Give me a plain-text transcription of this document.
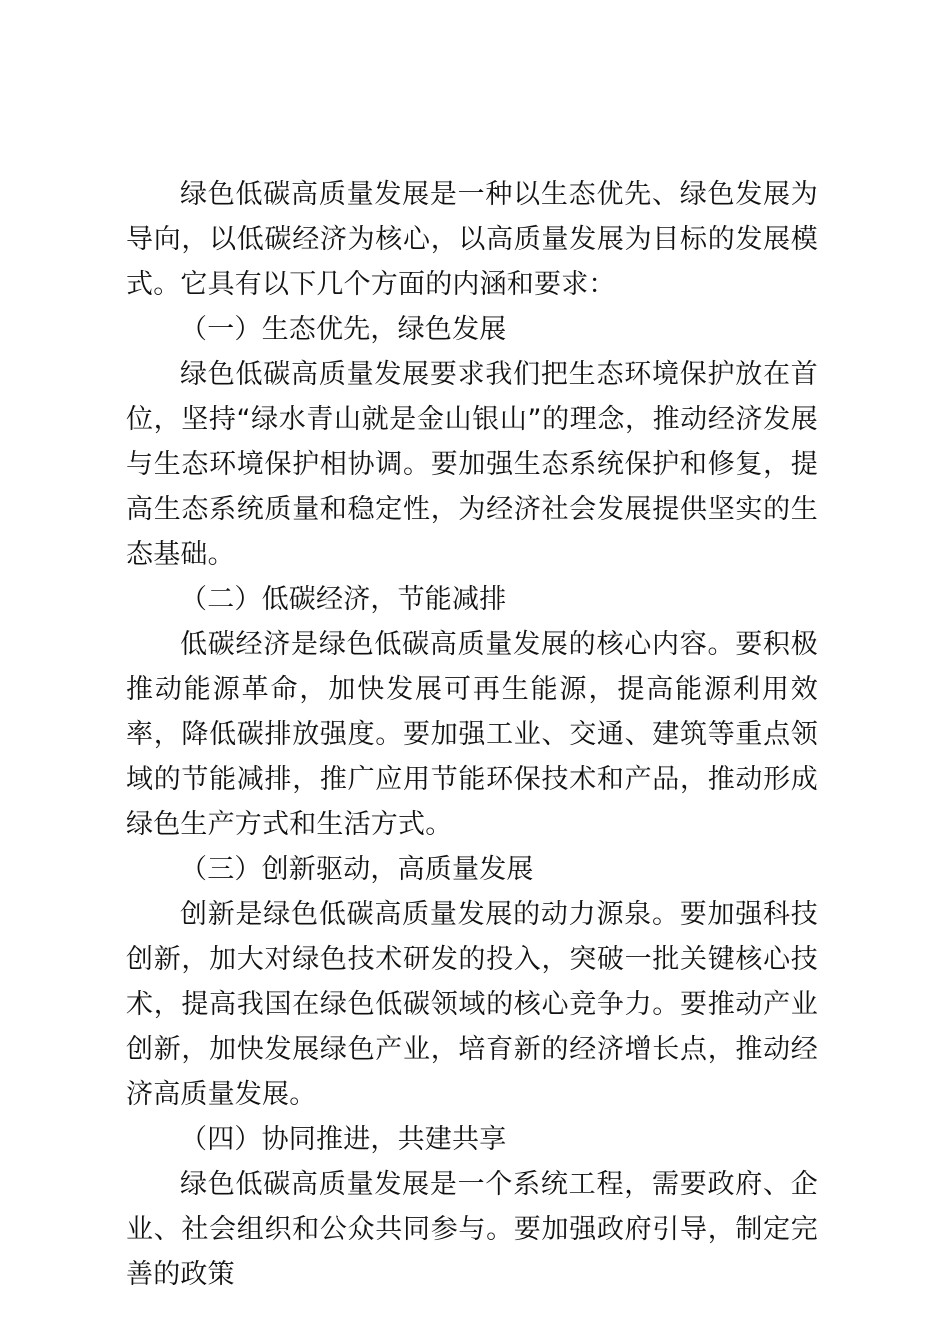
绿色低碳高质量发展是一种以生态优先、绿色发展为导向，以低碳经济为核心，以高质量发展为目标的发展模式。它具有以下几个方面的内涵和要求：

（一）生态优先，绿色发展

绿色低碳高质量发展要求我们把生态环境保护放在首位，坚持“绿水青山就是金山银山”的理念，推动经济发展与生态环境保护相协调。要加强生态系统保护和修复，提高生态系统质量和稳定性，为经济社会发展提供坚实的生态基础。

（二）低碳经济，节能减排

低碳经济是绿色低碳高质量发展的核心内容。要积极推动能源革命，加快发展可再生能源，提高能源利用效率，降低碳排放强度。要加强工业、交通、建筑等重点领域的节能减排，推广应用节能环保技术和产品，推动形成绿色生产方式和生活方式。

（三）创新驱动，高质量发展

创新是绿色低碳高质量发展的动力源泉。要加强科技创新，加大对绿色技术研发的投入，突破一批关键核心技术，提高我国在绿色低碳领域的核心竞争力。要推动产业创新，加快发展绿色产业，培育新的经济增长点，推动经济高质量发展。

（四）协同推进，共建共享

绿色低碳高质量发展是一个系统工程，需要政府、企业、社会组织和公众共同参与。要加强政府引导，制定完善的政策
